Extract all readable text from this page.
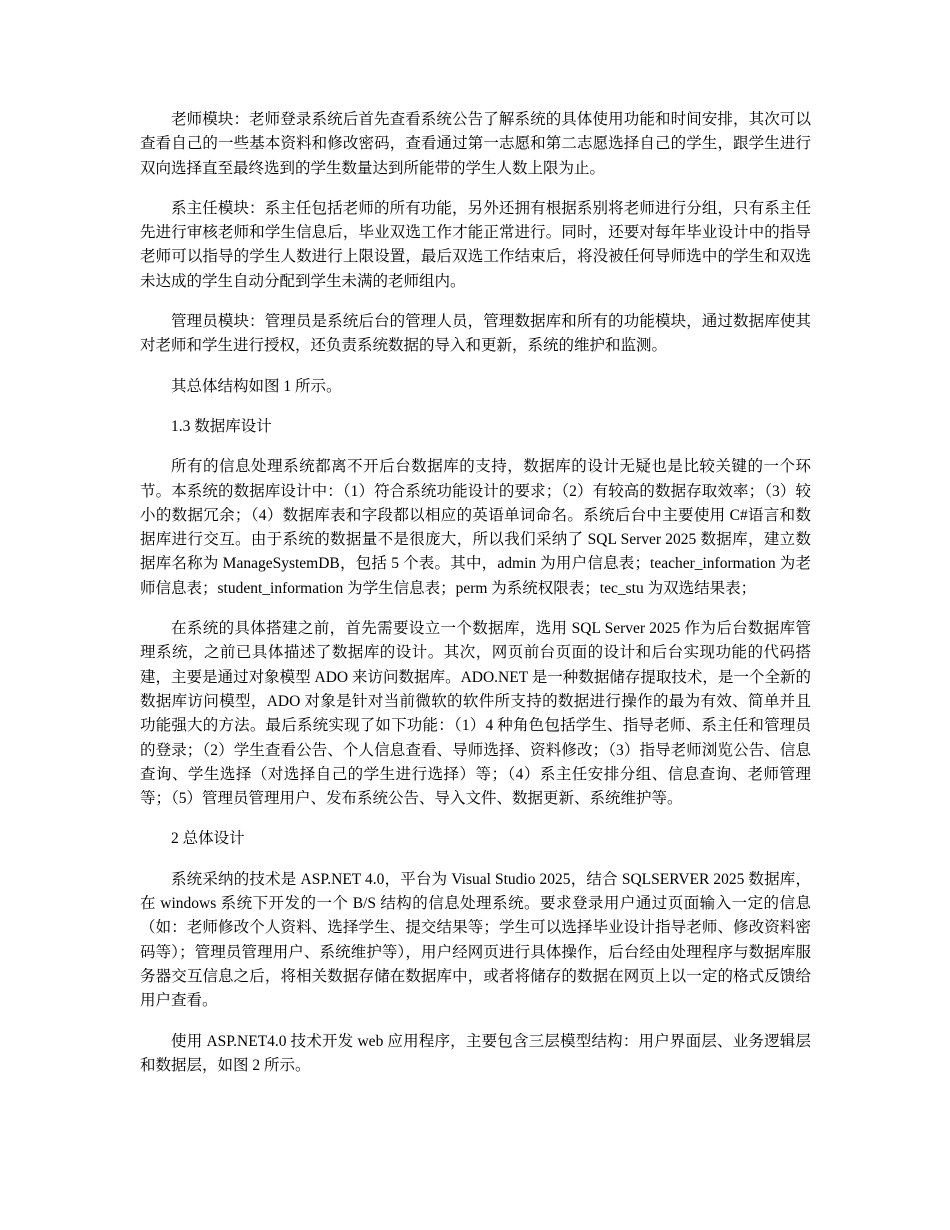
老师模块：老师登录系统后首先查看系统公告了解系统的具体使用功能和时间安排，其次可以查看自己的一些基本资料和修改密码，查看通过第一志愿和第二志愿选择自己的学生，跟学生进行双向选择直至最终选到的学生数量达到所能带的学生人数上限为止。

系主任模块：系主任包括老师的所有功能，另外还拥有根据系别将老师进行分组，只有系主任先进行审核老师和学生信息后，毕业双选工作才能正常进行。同时，还要对每年毕业设计中的指导老师可以指导的学生人数进行上限设置，最后双选工作结束后，将没被任何导师选中的学生和双选未达成的学生自动分配到学生未满的老师组内。

管理员模块：管理员是系统后台的管理人员，管理数据库和所有的功能模块，通过数据库使其对老师和学生进行授权，还负责系统数据的导入和更新，系统的维护和监测。

其总体结构如图 1 所示。

1.3 数据库设计

所有的信息处理系统都离不开后台数据库的支持，数据库的设计无疑也是比较关键的一个环节。本系统的数据库设计中：（1）符合系统功能设计的要求；（2）有较高的数据存取效率；（3）较小的数据冗余；（4）数据库表和字段都以相应的英语单词命名。系统后台中主要使用 C#语言和数据库进行交互。由于系统的数据量不是很庞大，所以我们采纳了 SQL Server 2025 数据库，建立数据库名称为 ManageSystemDB，包括 5 个表。其中，admin 为用户信息表；teacher_information 为老师信息表；student_information 为学生信息表；perm 为系统权限表；tec_stu 为双选结果表；

在系统的具体搭建之前，首先需要设立一个数据库，选用 SQL Server 2025 作为后台数据库管理系统，之前已具体描述了数据库的设计。其次，网页前台页面的设计和后台实现功能的代码搭建，主要是通过对象模型 ADO 来访问数据库。ADO.NET 是一种数据储存提取技术，是一个全新的数据库访问模型，ADO 对象是针对当前微软的软件所支持的数据进行操作的最为有效、简单并且功能强大的方法。最后系统实现了如下功能：（1）4 种角色包括学生、指导老师、系主任和管理员的登录；（2）学生查看公告、个人信息查看、导师选择、资料修改；（3）指导老师浏览公告、信息查询、学生选择（对选择自己的学生进行选择）等；（4）系主任安排分组、信息查询、老师管理等；（5）管理员管理用户、发布系统公告、导入文件、数据更新、系统维护等。

2 总体设计

系统采纳的技术是 ASP.NET 4.0，平台为 Visual Studio 2025，结合 SQLSERVER 2025 数据库，在 windows 系统下开发的一个 B/S 结构的信息处理系统。要求登录用户通过页面输入一定的信息（如：老师修改个人资料、选择学生、提交结果等；学生可以选择毕业设计指导老师、修改资料密码等）；管理员管理用户、系统维护等），用户经网页进行具体操作，后台经由处理程序与数据库服务器交互信息之后，将相关数据存储在数据库中，或者将储存的数据在网页上以一定的格式反馈给用户查看。

使用 ASP.NET4.0 技术开发 web 应用程序，主要包含三层模型结构：用户界面层、业务逻辑层和数据层，如图 2 所示。
